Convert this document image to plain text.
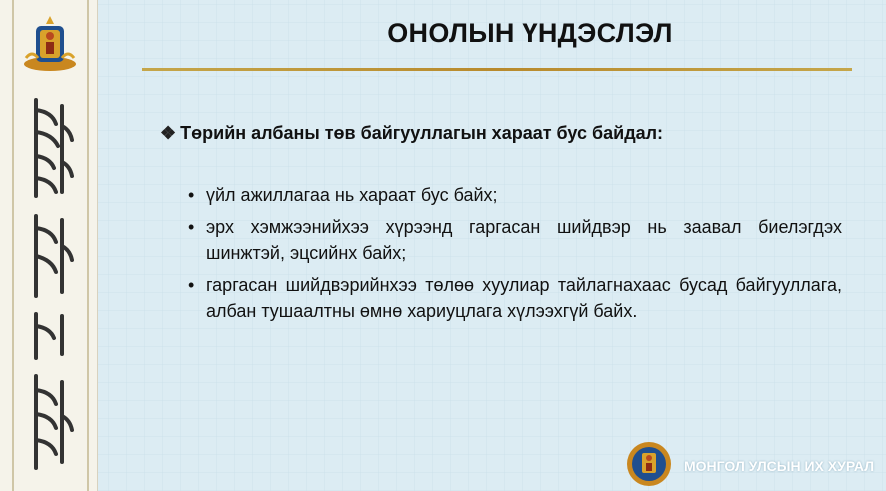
ОНОЛЫН ҮНДЭСЛЭЛ
❖ Төрийн албаны төв байгууллагын хараат бус байдал:
• үйл ажиллагаа нь хараат бус байх;
• эрх хэмжээнийхээ хүрээнд гаргасан шийдвэр нь заавал биелэгдэх шинжтэй, эцсийнх байх;
• гаргасан шийдвэрийнхээ төлөө хуулиар тайлагнахаас бусад байгууллага, албан тушаалтны өмнө хариуцлага хүлээхгүй байх.
МОНГОЛ УЛСЫН ИХ ХУРАЛ
